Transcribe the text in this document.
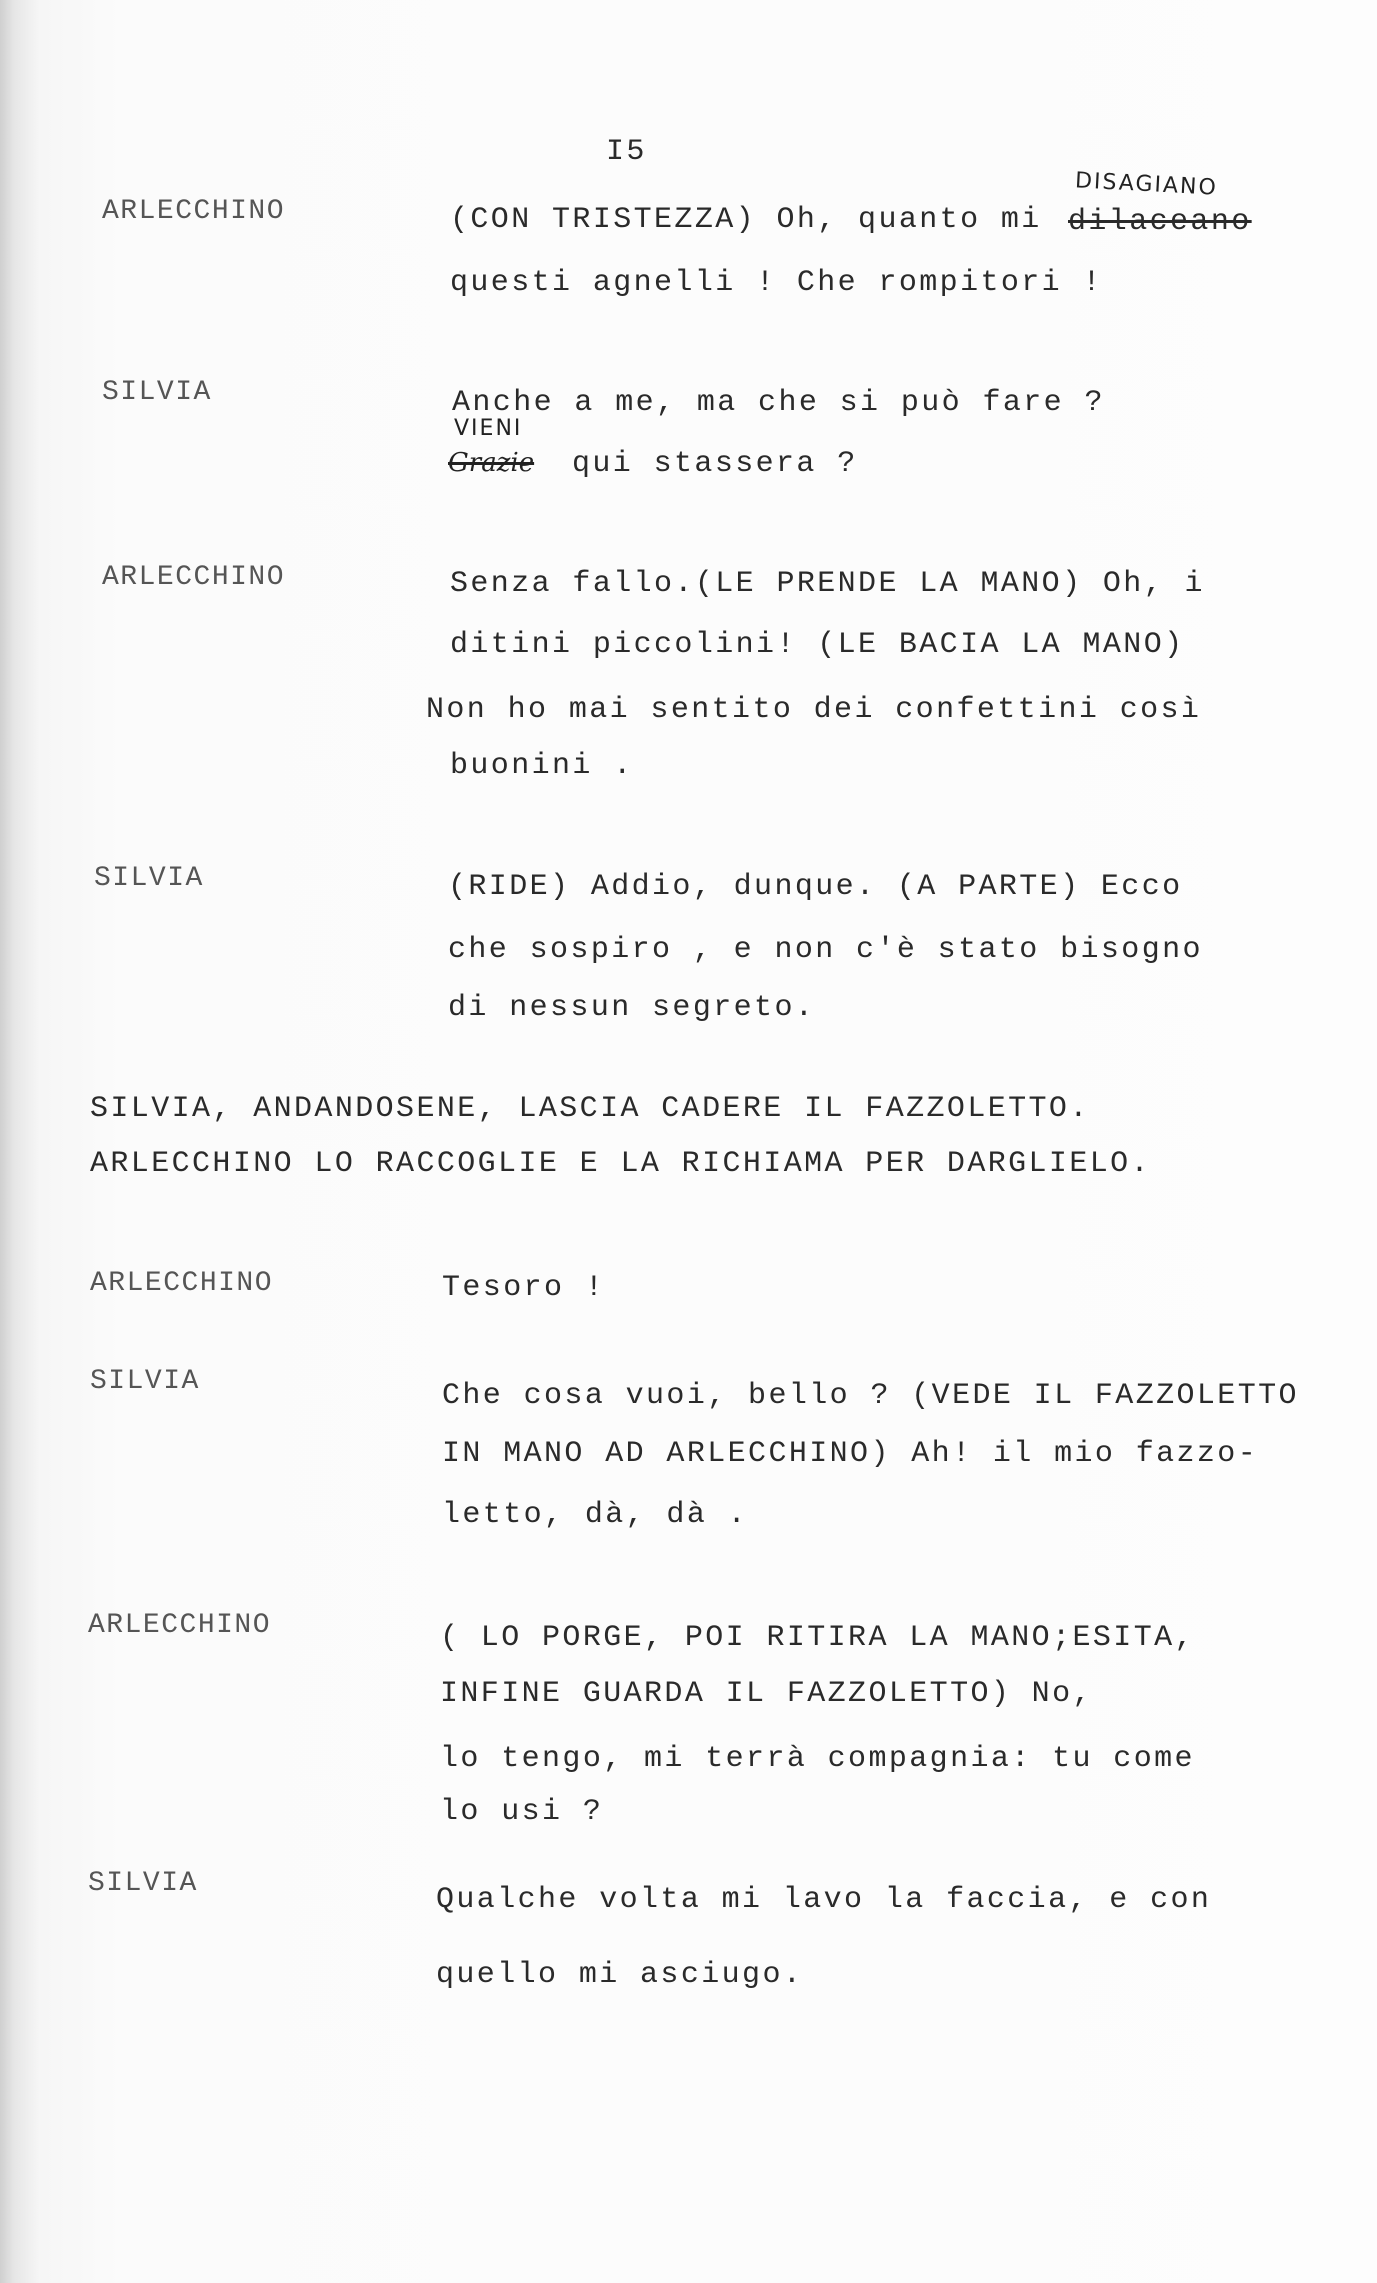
I5
ARLECCHINO	(CON TRISTEZZA) Oh, quanto mi dilaceano
DISAGIANO
questi agnelli ! Che rompitori !
SILVIA	Anche a me, ma che si può fare ?
VIENI
Grazie qui stassera ?
ARLECCHINO	Senza fallo.(LE PRENDE LA MANO) Oh, i
ditini piccolini! (LE BACIA LA MANO)
Non ho mai sentito dei confettini così
buonini .
SILVIA	(RIDE) Addio, dunque. (A PARTE) Ecco
che sospiro , e non c'è stato bisogno
di nessun segreto.
SILVIA, ANDANDOSENE, LASCIA CADERE IL FAZZOLETTO.
ARLECCHINO LO RACCOGLIE E LA RICHIAMA PER DARGLIELO.
ARLECCHINO	Tesoro !
SILVIA	Che cosa vuoi, bello ? (VEDE IL FAZZOLETTO
IN MANO AD ARLECCHINO) Ah! il mio fazzo-
letto, dà, dà .
ARLECCHINO	( LO PORGE, POI RITIRA LA MANO;ESITA,
INFINE GUARDA IL FAZZOLETTO) No,
lo tengo, mi terrà compagnia: tu come
lo usi ?
SILVIA	Qualche volta mi lavo la faccia, e con
quello mi asciugo.
